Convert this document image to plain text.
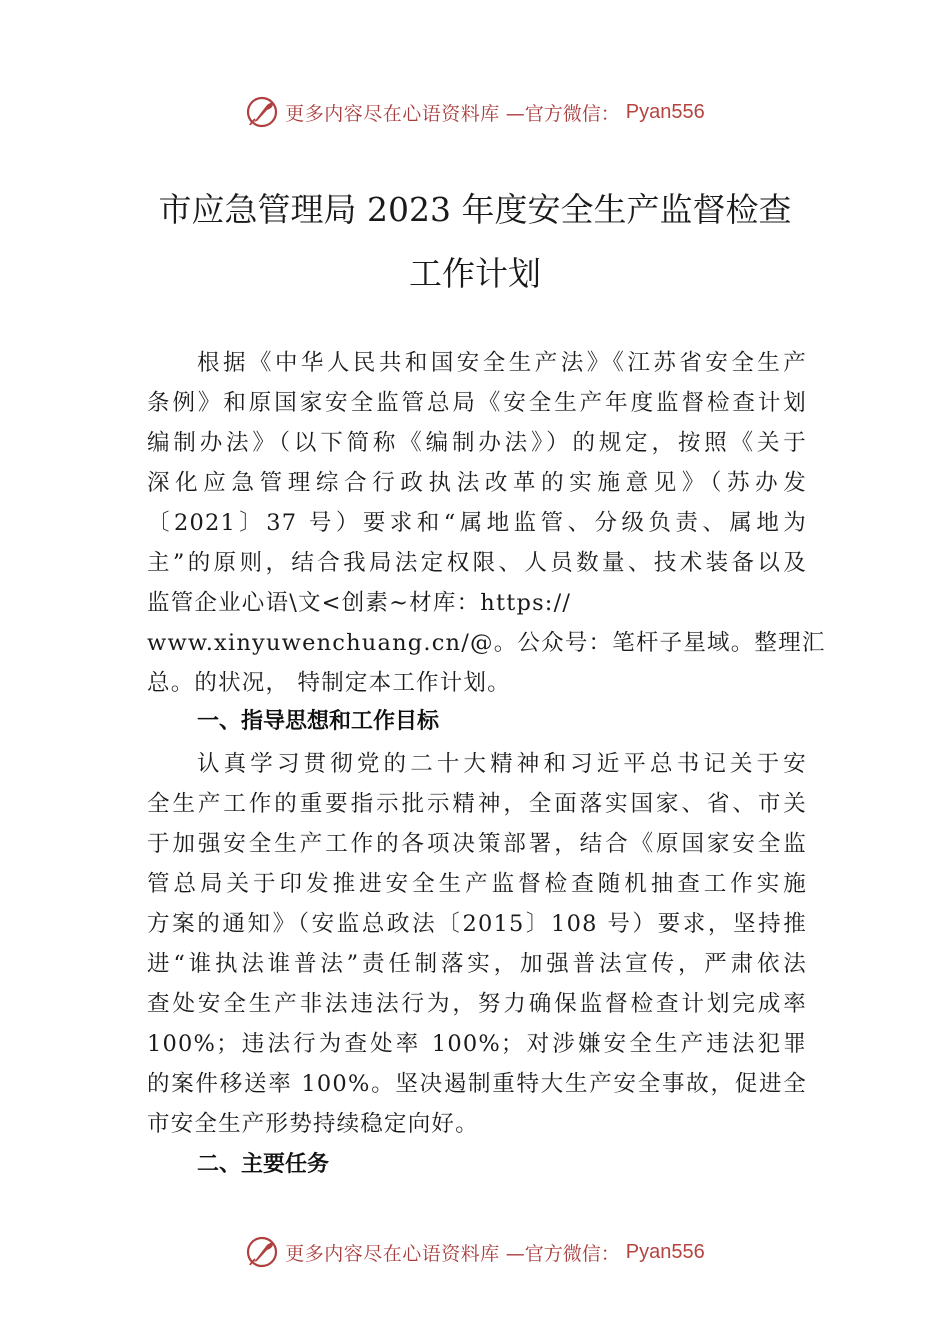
更多内容尽在心语资料库 —官方微信： Pyan556
市应急管理局 2023 年度安全生产监督检查
工作计划
根据《中华人民共和国安全生产法》《江苏省安全生产
条例》和原国家安全监管总局《安全生产年度监督检查计划
编制办法》（以下简称《编制办法》）的规定，按照《关于
深化应急管理综合行政执法改革的实施意见》（苏办发
〔2021〕37 号）要求和“属地监管、分级负责、属地为
主”的原则，结合我局法定权限、人员数量、技术装备以及
监管企业心语\文<创素~材库：https://
www.xinyuwenchuang.cn/@。公众号：笔杆子星域。整理汇
总。的状况， 特制定本工作计划。
一、指导思想和工作目标
认真学习贯彻党的二十大精神和习近平总书记关于安
全生产工作的重要指示批示精神，全面落实国家、省、市关
于加强安全生产工作的各项决策部署，结合《原国家安全监
管总局关于印发推进安全生产监督检查随机抽查工作实施
方案的通知》（安监总政法〔2015〕108 号）要求，坚持推
进“谁执法谁普法”责任制落实，加强普法宣传，严肃依法
查处安全生产非法违法行为，努力确保监督检查计划完成率
100%；违法行为查处率 100%；对涉嫌安全生产违法犯罪
的案件移送率 100%。坚决遏制重特大生产安全事故，促进全
市安全生产形势持续稳定向好。
二、主要任务
更多内容尽在心语资料库 —官方微信： Pyan556
